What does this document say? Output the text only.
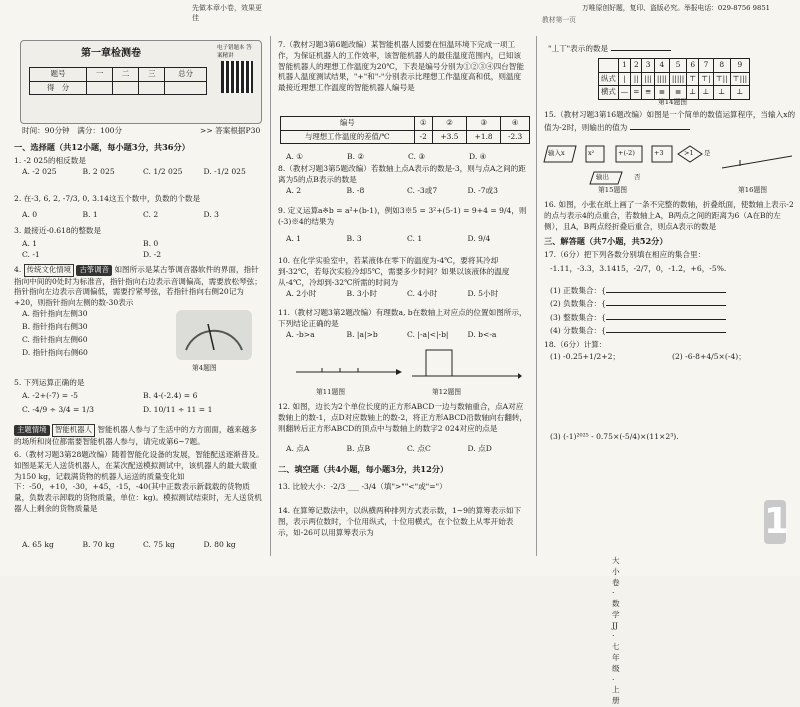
先做本章小卷，效果更佳
第一章检测卷
题号	一	二	三	总分
得　分				
电子错题本 答案精讲
时间：90分钟　满分：100分	>> 答案根据P30
一、选择题（共12小题，每小题3分，共36分）
1. -2 025的相反数是
A. -2 025	B. 2 025	C. 1/2 025	D. -1/2 025
2. 在-3, 6, 2, -7/3, 0, 3.14这五个数中，负数的个数是
A. 0	B. 1	C. 2	D. 3
3. 最接近-0.618的整数是
A. 1	B. 0
C. -1	D. -2
4. 传统文化情境 古筝调音 如图所示是某古筝调音器软件的界面，指针指向中间的0处时为标准音，指针指向右边表示音调偏高，需要放松琴弦；指针指向左边表示音调偏低，需要拧紧琴弦，若指针指向右侧20记为+20，则指针指向左侧的数-30表示
A. 指针指向左侧30
B. 指针指向右侧30
C. 指针指向左侧60
D. 指针指向右侧60
第4题图
5. 下列运算正确的是
A. -2+(-7) = -5	B. 4-(-2.4) = 6
C. -4/9 ÷ 3/4 = 1/3	D. 10/11 ÷ 11 = 1
主题情境 智能机器人 智能机器人参与了生活中的方方面面，越来越多的场所和岗位都需要智能机器人参与，请完成第6~7题。
6.（教材习题3第28题改编）随着智能化设备的发展，智能配送逐渐普及。如图是某无人送货机器人，在某次配送模拟测试中，该机器人的最大载重为150 kg，记载满货物的机器人运送的质量变化如下：-50，+10，-30，+45，-15，-40(其中正数表示新载载的货物质量，负数表示卸载的货物质量，单位：kg)。模拟测试结束时，无人送货机器人上剩余的货物质量是
A. 65 kg	B. 70 kg	C. 75 kg	D. 80 kg
7.（教材习题3第6题改编）某智能机器人园要在恒温环境下完成一项工作，为保证机器人的工作效率，该智能机器人的最佳温度范围内，已知该智能机器人的理想工作温度为20℃，下表是编号分别为①②③④四台智能机器人温度测试结果，"+"和"-"分别表示比理想工作温度高和低，则温度最接近理想工作温度的智能机器人编号是
编号	①	②	③	④
与理想工作温度的差值/℃	-2	+3.5	+1.8	-2.3
A. ①	B. ②	C. ③	D. ④
8.（教材习题3第5题改编）若数轴上点A表示的数是-3，则与点A之间的距离为5的点B表示的数是
A. 2	B. -8	C. -3或7	D. -7或3
9. 定义运算a※b = a²+(b-1)，例如3※5 = 3²+(5-1) = 9+4 = 9/4，则(-3)※4的结果为
A. 1	B. 3	C. 1	D. 9/4
10. 在化学实验室中，若某液体在零下的温度为-4℃，要将其冷却到-32℃，若每次实验冷却5℃，需要多少时间？如果以该液体的温度从-4℃，冷却到-32℃所需的时间为
A. 2小时	B. 3小时	C. 4小时	D. 5小时
11.（教材习题3第2题改编）有理数a, b在数轴上对应点的位置如图所示，下列结论正确的是
A. -b>a	B. |a|>b	C. |-a|<|-b|	D. b<-a
第11题图	第12题图
12. 如图，边长为2个单位长度的正方形ABCD一边与数轴重合，点A对应数轴上的数-1，点D对应数轴上的数-2，将正方形ABCD沿数轴向右翻转，则翻转后正方形ABCD的顶点中与数轴上的数字2 024对应的点是
A. 点A	B. 点B	C. 点C	D. 点D
二、填空题（共4小题，每小题3分，共12分）
13. 比较大小：-2/3 ___ -3/4（填">""<"或"="）
14. 在算筹记数法中，以纵横两种排列方式表示数，1~9的算筹表示如下图，表示两位数时，个位用纵式，十位用横式，在个位数上从零开始表示，如-26可以用算筹表示为
大小卷 · 数学 JJ · 七年级 · 上册
万唯原创好题，复印、盗版必究。举报电话：029-8756 9851
教材第一页
"丄丅"表示的数是
	1	2	3	4	5	6	7	8	9
纵式	|	||	|||	||||	|||||	⊤	⊤|	⊤||	⊤|||
横式	—	=	≡	≣	≣	⊥	⊥	⊥	⊥
第14题图
15.（教材习题3第16题改编）如图是一个简单的数值运算程序，当输入x的值为-2时，则输出的值为
输入x	x²	+(-2)	+3	>1 是
输出	否
第15题图	第16题图
16. 如图，小张在纸上画了一条不完整的数轴，折叠纸面，使数轴上表示-2的点与表示4的点重合，若数轴上A，B两点之间的距离为6（A在B的左侧），且A，B两点经折叠后重合，则点A表示的数是
三、解答题（共7小题，共52分）
17.（6分）把下列各数分别填在相应的集合里：
-1.11，-3.3，3.1415，-2/7，0，-1.2，+6，-5%.
(1) 正数集合：{
(2) 负数集合：{
(3) 整数集合：{
(4) 分数集合：{
18.（6分）计算：
(1) -0.25+1/2+2；	(2) -6-8+4/5×(-4)；
(3) (-1)²⁰²⁵ - 0.75×(-5/4)×(11×2³).
1
